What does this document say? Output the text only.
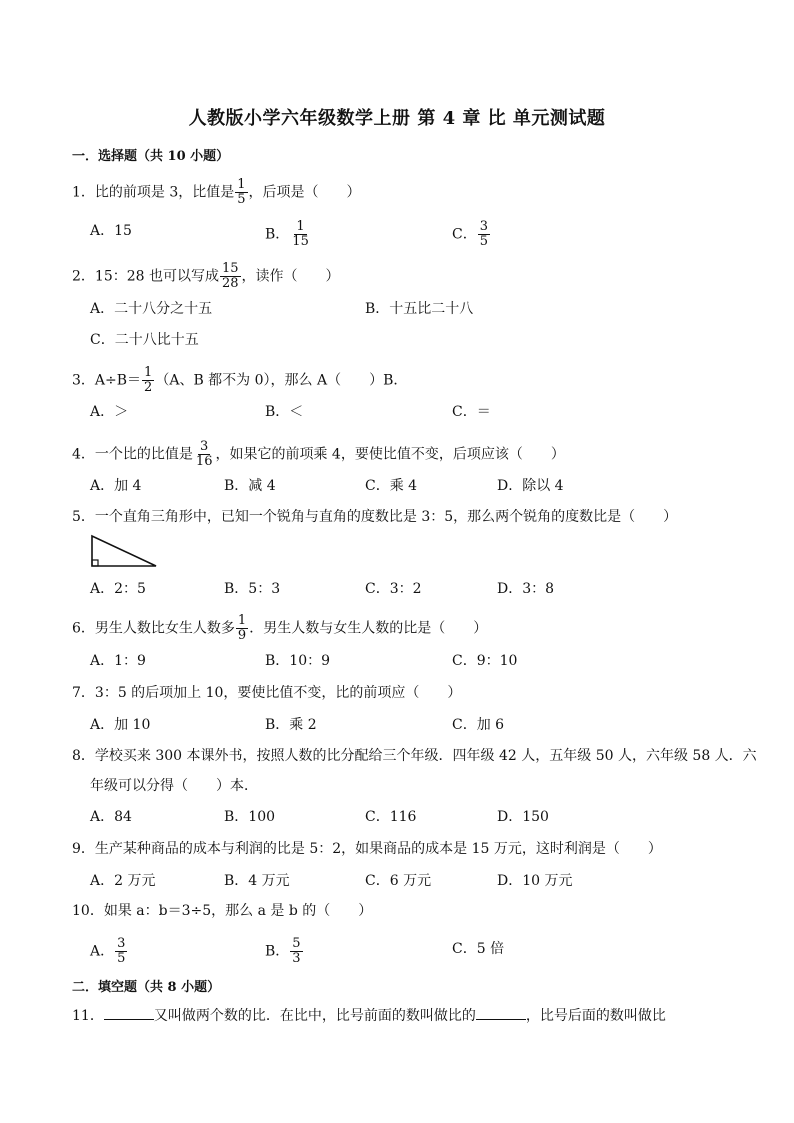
人教版小学六年级数学上册 第 4 章 比 单元测试题
一．选择题（共 10 小题）
1．比的前项是 3，比值是 $\frac{1}{5}$ ，后项是（　　）
A．15	B． $\frac{1}{15}$	C． $\frac{3}{5}$
2．15：28 也可以写成 $\frac{15}{28}$ ，读作（　　）
A．二十八分之十五	B．十五比二十八
C．二十八比十五
3．$A\div B= \frac{1}{2} (A$、B 都不为 0），那么 A（　　）B．
A．＞	B．＜	C．＝
4．一个比的比值是 $\frac{3}{16}$ ，如果它的前项乘 4，要使比值不变，后项应该（　　）
A．加 4	B．减 4	C．乘 4	D．除以 4
5．一个直角三角形中，已知一个锐角与直角的度数比是 3：5，那么两个锐角的度数比是（　　）
A．2：5	B．5：3	C．3：2	D．3：8
6．男生人数比女生人数多 $\frac{1}{9}$ ．男生人数与女生人数的比是（　　）
A．1：9	B．10：9	C．9：10
7．3：5 的后项加上 10，要使比值不变，比的前项应（　　）
A．加 10	B．乘 2	C．加 6
8．学校买来 300 本课外书，按照人数的比分配给三个年级．四年级 42 人，五年级 50 人，六年级 58 人．六
年级可以分得（　　）本．
A．84	B．100	C．116	D．150
9．生产某种商品的成本与利润的比是 5：2，如果商品的成本是 15 万元，这时利润是（　　）
A．2 万元	B．4 万元	C．6 万元	D．10 万元
10．如果 a：b＝3÷5，那么 a 是 b 的（　　）
A． $\frac{3}{5}$	B． $\frac{5}{3}$	C．5 倍
二．填空题（共 8 小题）
11．	又叫做两个数的比．在比中，比号前面的数叫做比的	，比号后面的数叫做比
